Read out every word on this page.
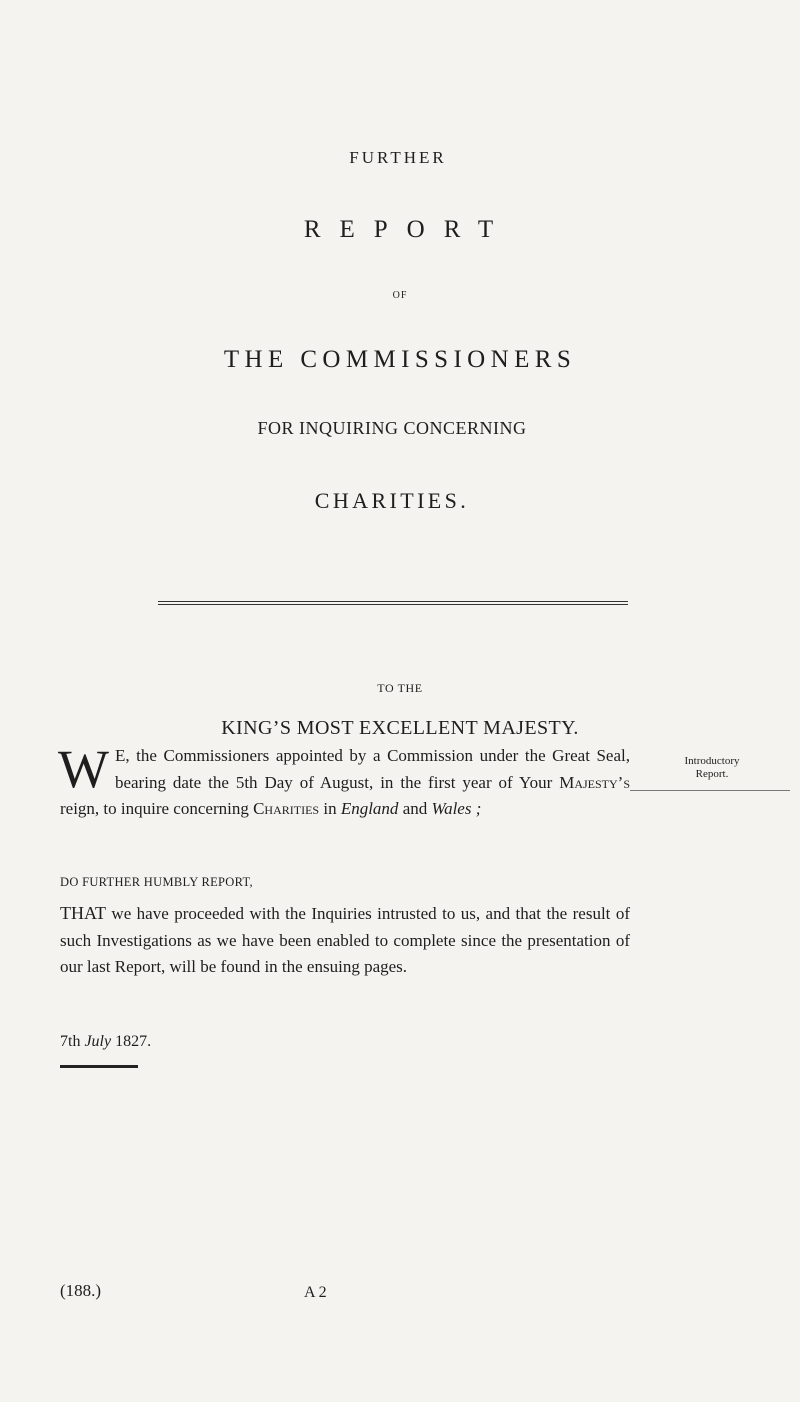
FURTHER
REPORT
OF
THE COMMISSIONERS
FOR INQUIRING CONCERNING
CHARITIES.
TO THE
KING’S MOST EXCELLENT MAJESTY.
W E, the Commissioners appointed by a Commission under the Great Seal, bearing date the 5th Day of August, in the first year of Your Majesty’s reign, to inquire concerning Charities in England and Wales ;
Introductory
Report.
DO FURTHER HUMBLY REPORT,
THAT we have proceeded with the Inquiries intrusted to us, and that the result of such Investigations as we have been enabled to complete since the presentation of our last Report, will be found in the ensuing pages.
7th July 1827.
(188.)	A 2
